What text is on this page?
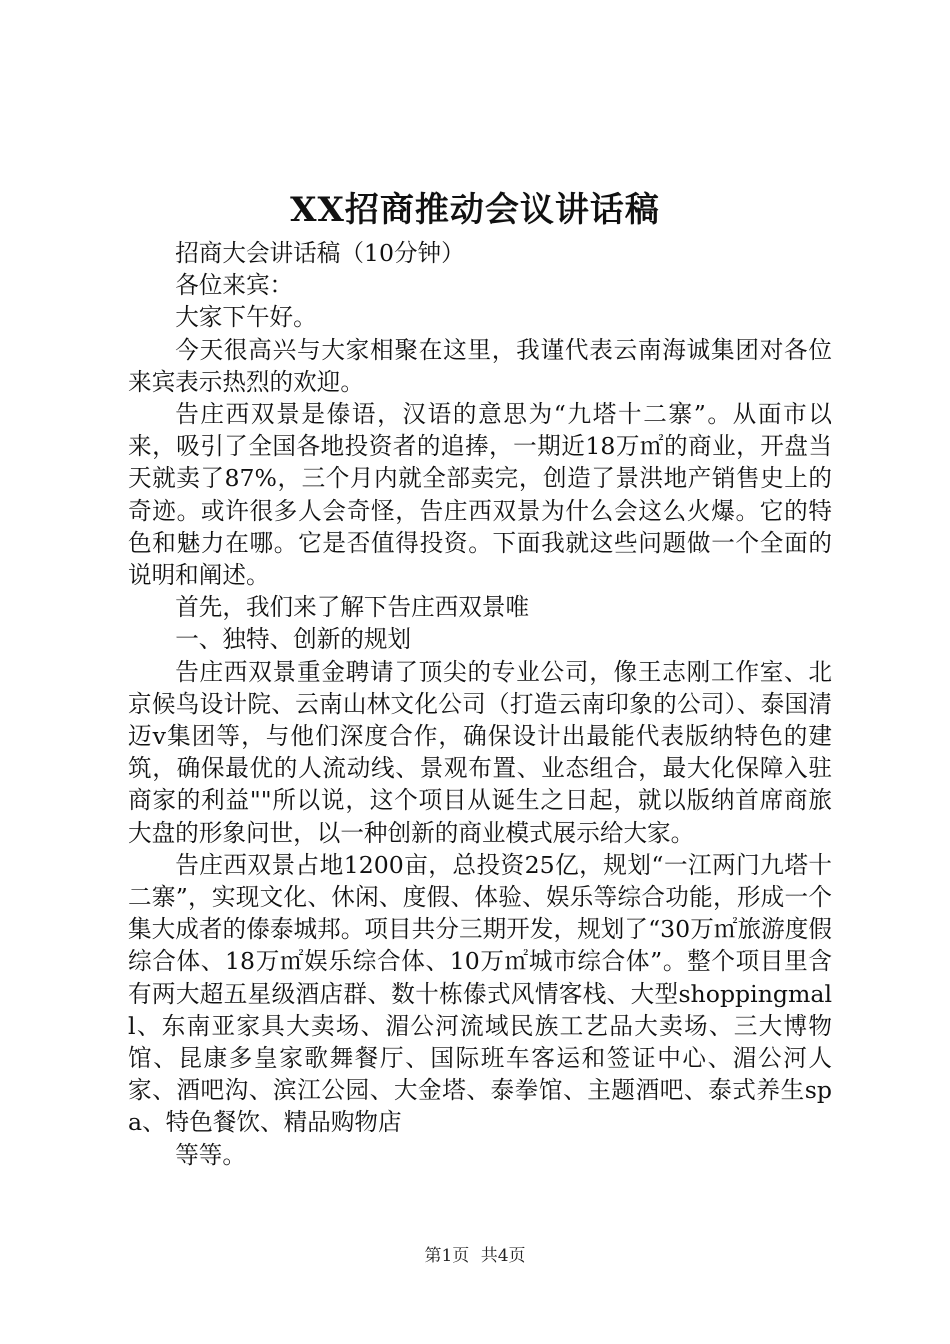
XX招商推动会议讲话稿

招商大会讲话稿（10分钟）

各位来宾：

大家下午好。

今天很高兴与大家相聚在这里，我谨代表云南海诚集团对各位来宾表示热烈的欢迎。

告庄西双景是傣语，汉语的意思为“九塔十二寨”。从面市以来，吸引了全国各地投资者的追捧，一期近18万㎡的商业，开盘当天就卖了87%，三个月内就全部卖完，创造了景洪地产销售史上的奇迹。或许很多人会奇怪，告庄西双景为什么会这么火爆。它的特色和魅力在哪。它是否值得投资。下面我就这些问题做一个全面的说明和阐述。

首先，我们来了解下告庄西双景唯

一、独特、创新的规划

告庄西双景重金聘请了顶尖的专业公司，像王志刚工作室、北京候鸟设计院、云南山林文化公司（打造云南印象的公司）、泰国清迈v集团等，与他们深度合作，确保设计出最能代表版纳特色的建筑，确保最优的人流动线、景观布置、业态组合，最大化保障入驻商家的利益""所以说，这个项目从诞生之日起，就以版纳首席商旅大盘的形象问世，以一种创新的商业模式展示给大家。

告庄西双景占地1200亩，总投资25亿，规划“一江两门九塔十二寨”，实现文化、休闲、度假、体验、娱乐等综合功能，形成一个集大成者的傣泰城邦。项目共分三期开发，规划了“30万㎡旅游度假综合体、18万㎡娱乐综合体、10万㎡城市综合体”。整个项目里含有两大超五星级酒店群、数十栋傣式风情客栈、大型shoppingmall、东南亚家具大卖场、湄公河流域民族工艺品大卖场、三大博物馆、昆康多皇家歌舞餐厅、国际班车客运和签证中心、湄公河人家、酒吧沟、滨江公园、大金塔、泰拳馆、主题酒吧、泰式养生spa、特色餐饮、精品购物店

等等。

第1页 共4页
